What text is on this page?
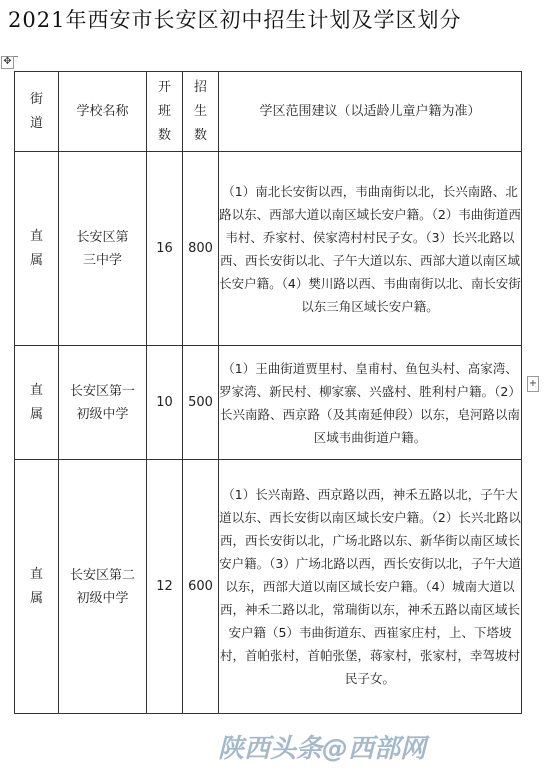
2021年西安市长安区初中招生计划及学区划分
✥
街道	学校名称	开班数	招生数	学区范围建议（以适龄儿童户籍为准）
直属	长安区第三中学	16	800	（1）南北长安街以西，韦曲南街以北，长兴南路、北路以东、西部大道以南区域长安户籍。（2）韦曲街道西韦村、乔家村、侯家湾村村民子女。（3）长兴北路以西、西长安街以北、子午大道以东、西部大道以南区域长安户籍。（4）樊川路以西、韦曲南街以北、南长安街以东三角区域长安户籍。
直属	长安区第一初级中学	10	500	（1）王曲街道贾里村、皇甫村、鱼包头村、高家湾、罗家湾、新民村、柳家寨、兴盛村、胜利村户籍。（2）长兴南路、西京路（及其南延伸段）以东，皂河路以南区域韦曲街道户籍。
直属	长安区第二初级中学	12	600	（1）长兴南路、西京路以西，神禾五路以北，子午大道以东、西长安街以南区域长安户籍。（2）长兴北路以西，西长安街以北，广场北路以东、新华街以南区域长安户籍。（3）广场北路以西，西长安街以北，子午大道以东，西部大道以南区域长安户籍。（4）城南大道以西，神禾二路以北，常瑞街以东，神禾五路以南区域长安户籍（5）韦曲街道东、西崔家庄村，上、下塔坡村，首帕张村，首帕张堡，蒋家村，张家村，幸驾坡村民子女。
+
陕西头条@西部网
